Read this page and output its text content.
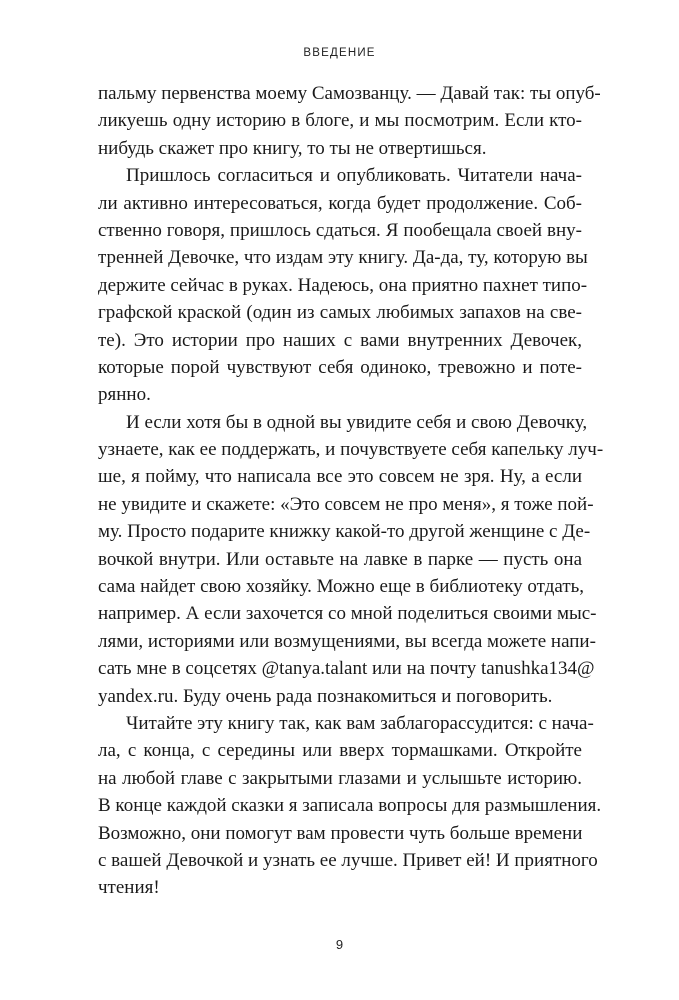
ВВЕДЕНИЕ
пальму первенства моему Самозванцу. — Давай так: ты опуб-
ликуешь одну историю в блоге, и мы посмотрим. Если кто-
нибудь скажет про книгу, то ты не отвертишься.
Пришлось согласиться и опубликовать. Читатели нача-
ли активно интересоваться, когда будет продолжение. Соб-
ственно говоря, пришлось сдаться. Я пообещала своей вну-
тренней Девочке, что издам эту книгу. Да-да, ту, которую вы
держите сейчас в руках. Надеюсь, она приятно пахнет типо-
графской краской (один из самых любимых запахов на све-
те). Это истории про наших с вами внутренних Девочек,
которые порой чувствуют себя одиноко, тревожно и поте-
рянно.
И если хотя бы в одной вы увидите себя и свою Девочку,
узнаете, как ее поддержать, и почувствуете себя капельку луч-
ше, я пойму, что написала все это совсем не зря. Ну, а если
не увидите и скажете: «Это совсем не про меня», я тоже пой-
му. Просто подарите книжку какой-то другой женщине с Де-
вочкой внутри. Или оставьте на лавке в парке — пусть она
сама найдет свою хозяйку. Можно еще в библиотеку отдать,
например. А если захочется со мной поделиться своими мыс-
лями, историями или возмущениями, вы всегда можете напи-
сать мне в соцсетях @tanya.talant или на почту tanushka134@
yandex.ru. Буду очень рада познакомиться и поговорить.
Читайте эту книгу так, как вам заблагорассудится: с нача-
ла, с конца, с середины или вверх тормашками. Откройте
на любой главе с закрытыми глазами и услышьте историю.
В конце каждой сказки я записала вопросы для размышления.
Возможно, они помогут вам провести чуть больше времени
с вашей Девочкой и узнать ее лучше. Привет ей! И приятного
чтения!
9
